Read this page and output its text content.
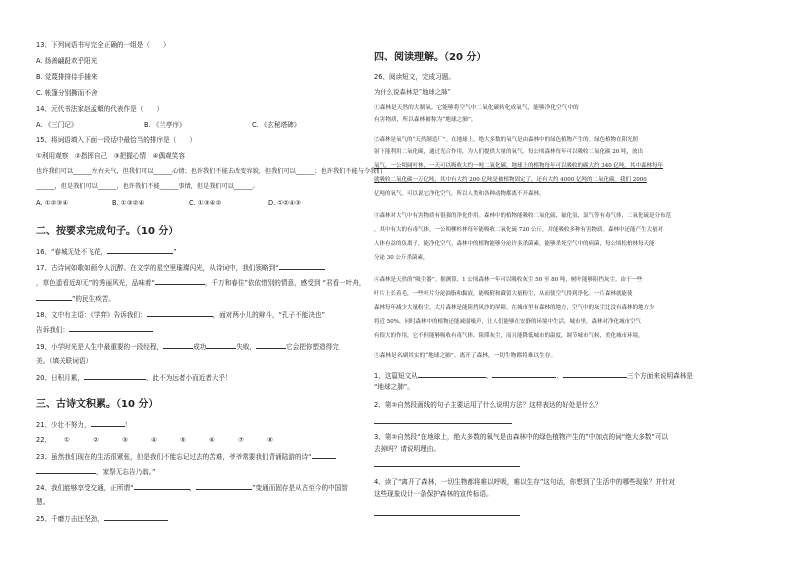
13、下列词语书写完全正确的一组是（　　）
A. 扬善翩跹欢乎阳光
B. 觉蔑排排侍手捕来
C. 帐篷分别撕而不舍
14、元代书法家赵孟頫的代表作是（　　）
A. 《三门记》	B. 《兰亭序》	C. 《玄秘塔碑》
15、将词语填入下面一段话中最恰当的排序是（　　）
①利用观察　②指挥自己　③把握心情　④偶观笑容
也许我们可以______左右天气，但我们可以______心情；也许我们不能去改变容貌，但我们可以______；也许我们不能与令我们
______，但是我们可以______，也许我们不能______事情，但是我们可以______。
A. ①②③④	B. ①③②④	C. ①③④②	D. ①②④③
二、按要求完成句子。（10 分）
16、“春城无处不飞花，	”
17、古诗词如歌如画令人沉醉。在文学的星空里璀璨闪光，从诗词中，我们领略到“
，草色遥看近却无”的秀丽风光，品味着“	，千万和春住”依依惜别的情意，感受到 “君看一叶舟，
”的民生疾苦。
18、文中有主语：《学弈》告诉我们：	，面对两小儿的辩斗，“孔子不能决也”
告诉我们：
19、小学时光是人生中最重要的一段经程，	成功	失败，	它会把你塑造得完
美。（填关联词语）
20、日积月累，	，此不为远者小而近者大乎！
三、古诗文积累。（10 分）
21、少壮不努力，	！
22、 ①	②	③	④	⑤	⑥	⑦	⑧
23、虽然我们现在的生活很紧张，但是我们不能忘记过去的苦难，爷爷常要我们背诵陆游的诗“
，家祭无忘告乃翁。”
24、我们能够享受交通，正所谓“	，	”变通而固存是从古至今的中国智
慧。
25、千磨万击还坚劲，
四、阅读理解。（20 分）
26、阅读短文，完成习题。
为什么说森林是“地球之肺”
①森林是天然的大制氧。它能够将空气中二氧化碳转化成氧气，能够净化空气中的
有害物质，所以森林被称为“地球之肺”。
②森林是氧气的“天然制造厂”。在地球上，绝大多数的氧气是由森林中的绿色植物产生的。绿色植物在阳光照
射下能利用二氧化碳，通过光合作用，为人们提供大量的氧气。每公顷森林每年可以吸收二氧化碳 20 吨，放出
氧气，一公顷阔叶林，一天可以吸收大约一吨二氧化碳。地球上的植物每年可以吸收的碳大约 340 亿吨。其中森林每年
就吸收二氧化碳一万亿吨，其中有大约 200 亿吨是被植物固定了，还有大约 4000 亿吨的二氧化碳。我们 2000
亿吨的氧气。可以说它净化空气，所以人类和各种动物都离不开森林。
③森林对大气中有害物质有很强的净化作用。森林中的植物能吸收二氧化硫、氟化氢、氯气等有毒气体，二氧化硫是分布范
，其中有大的有毒气体，一公顷柳杉林每年能吸收二氧化硫 720 公斤，并能吸收多种有害物质。森林中还能产生大量对
人体有益的负离子，能净化空气。森林中的植物能够分泌许多杀菌素，能够杀死空气中的病菌，每公顷松柏林每天能
分泌 30 公斤杀菌素，
④森林是天然的“吸尘器”。据测算，1 公顷森林一年可以吸收灰尘 50 至 80 吨，树叶能够阻挡灰尘。由于一些
叶片上长着毛，一些叶片分泌油脂和黏液，能吸附和截留大量粉尘，从而使空气得到净化。一片森林就能使
森林每年减少大量粉尘，大片森林是能阻挡风沙的屏障。在城市里有森林的地方，空气中的灰尘比没有森林的地方少
将近 50%，同时森林中的植物还能减弱噪声，让人们能够在安静的环境中生活。城市里，森林对净化城市空气
有很大的作用，它不但能够吸收有毒气体、阻滞灰尘，而且能降低城市的温度，调节城市气候，美化城市环境。
⑤森林是名副其实的“地球之肺”。离开了森林，一切生物都将难以生存。
1、这篇短文从	、	、	三个方面来说明森林是
“地球之肺”。
2、第②自然段画线的句子主要运用了什么说明方法？这样表达的好处是什么？
3、第②自然段“在地球上，绝大多数的氧气是由森林中的绿色植物产生的”中加点的词“绝大多数”可以
去掉吗？请说明理由。
4、读了“离开了森林，一切生物都将难以呼吸，难以生存”这句话，你想到了生活中的哪些现象？并针对
这些现象设计一条保护森林的宣传标语。
